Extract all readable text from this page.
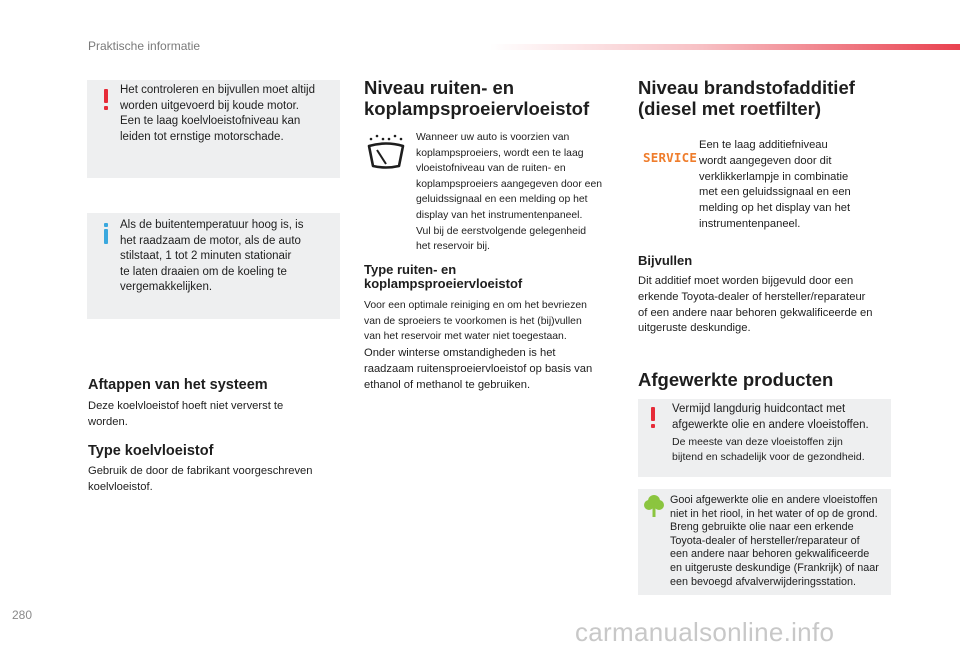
Praktische informatie
Het controleren en bijvullen moet altijd
worden uitgevoerd bij koude motor.
Een te laag koelvloeistofniveau kan
leiden tot ernstige motorschade.
Als de buitentemperatuur hoog is, is
het raadzaam de motor, als de auto
stilstaat, 1 tot 2 minuten stationair
te laten draaien om de koeling te
vergemakkelijken.
Aftappen van het systeem
Deze koelvloeistof hoeft niet ververst te
worden.
Type koelvloeistof
Gebruik de door de fabrikant voorgeschreven
koelvloeistof.
Niveau ruiten- en
koplampsproeiervloeistof
Wanneer uw auto is voorzien van
koplampsproeiers, wordt een te laag
vloeistofniveau van de ruiten- en
koplampsproeiers aangegeven door een
geluidssignaal en een melding op het
display van het instrumentenpaneel.
Vul bij de eerstvolgende gelegenheid
het reservoir bij.
Type ruiten- en
koplampsproeiervloeistof
Voor een optimale reiniging en om het bevriezen
van de sproeiers te voorkomen is het (bij)vullen
van het reservoir met water niet toegestaan.
Onder winterse omstandigheden is het
raadzaam ruitensproeiervloeistof op basis van
ethanol of methanol te gebruiken.
Niveau brandstofadditief
(diesel met roetfilter)
SERVICE
Een te laag additiefniveau
wordt aangegeven door dit
verklikkerlampje in combinatie
met een geluidssignaal en een
melding op het display van het
instrumentenpaneel.
Bijvullen
Dit additief moet worden bijgevuld door een
erkende Toyota-dealer of hersteller/reparateur
of een andere naar behoren gekwalificeerde en
uitgeruste deskundige.
Afgewerkte producten
Vermijd langdurig huidcontact met
afgewerkte olie en andere vloeistoffen.
De meeste van deze vloeistoffen zijn
bijtend en schadelijk voor de gezondheid.
Gooi afgewerkte olie en andere vloeistoffen
niet in het riool, in het water of op de grond.
Breng gebruikte olie naar een erkende
Toyota-dealer of hersteller/reparateur of
een andere naar behoren gekwalificeerde
en uitgeruste deskundige (Frankrijk) of naar
een bevoegd afvalverwijderingsstation.
280
carmanualsonline.info
